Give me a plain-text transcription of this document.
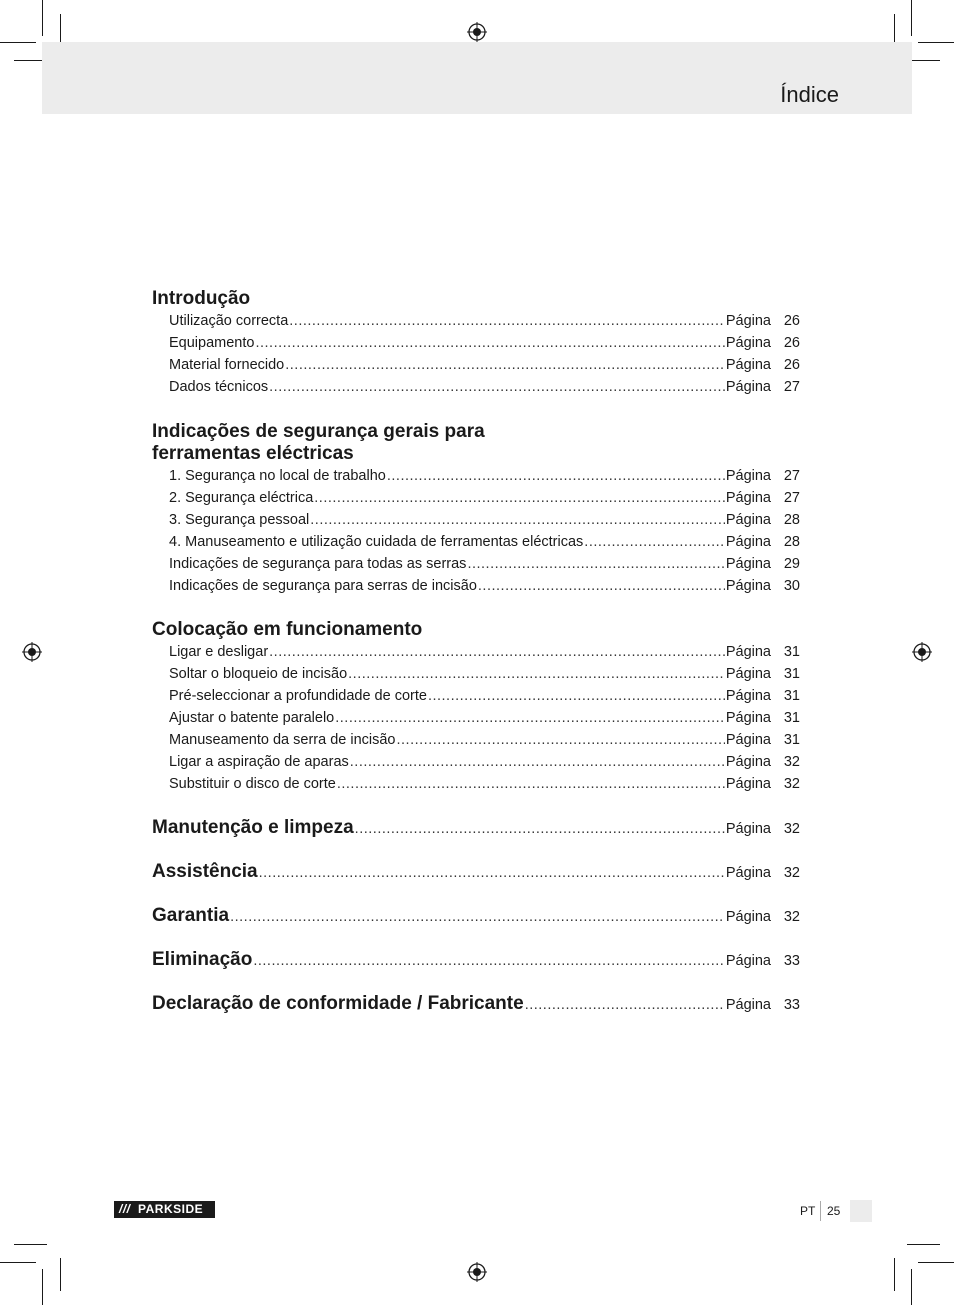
Índice
Introdução
Utilização correcta .....	Página 26
Equipamento .....	Página 26
Material fornecido .....	Página 26
Dados técnicos .....	Página 27
Indicações de segurança gerais para
ferramentas eléctricas
1. Segurança no local de trabalho .....	Página 27
2. Segurança eléctrica .....	Página 27
3. Segurança pessoal .....	Página 28
4. Manuseamento e utilização cuidada de ferramentas eléctricas .....	Página 28
Indicações de segurança para todas as serras .....	Página 29
Indicações de segurança para serras de incisão .....	Página 30
Colocação em funcionamento
Ligar e desligar .....	Página 31
Soltar o bloqueio de incisão .....	Página 31
Pré-seleccionar a profundidade de corte .....	Página 31
Ajustar o batente paralelo .....	Página 31
Manuseamento da serra de incisão .....	Página 31
Ligar a aspiração de aparas .....	Página 32
Substituir o disco de corte .....	Página 32
Manutenção e limpeza .....	Página 32
Assistência .....	Página 32
Garantia .....	Página 32
Eliminação .....	Página 33
Declaração de conformidade / Fabricante .....	Página 33
/// PARKSIDE	PT 25
